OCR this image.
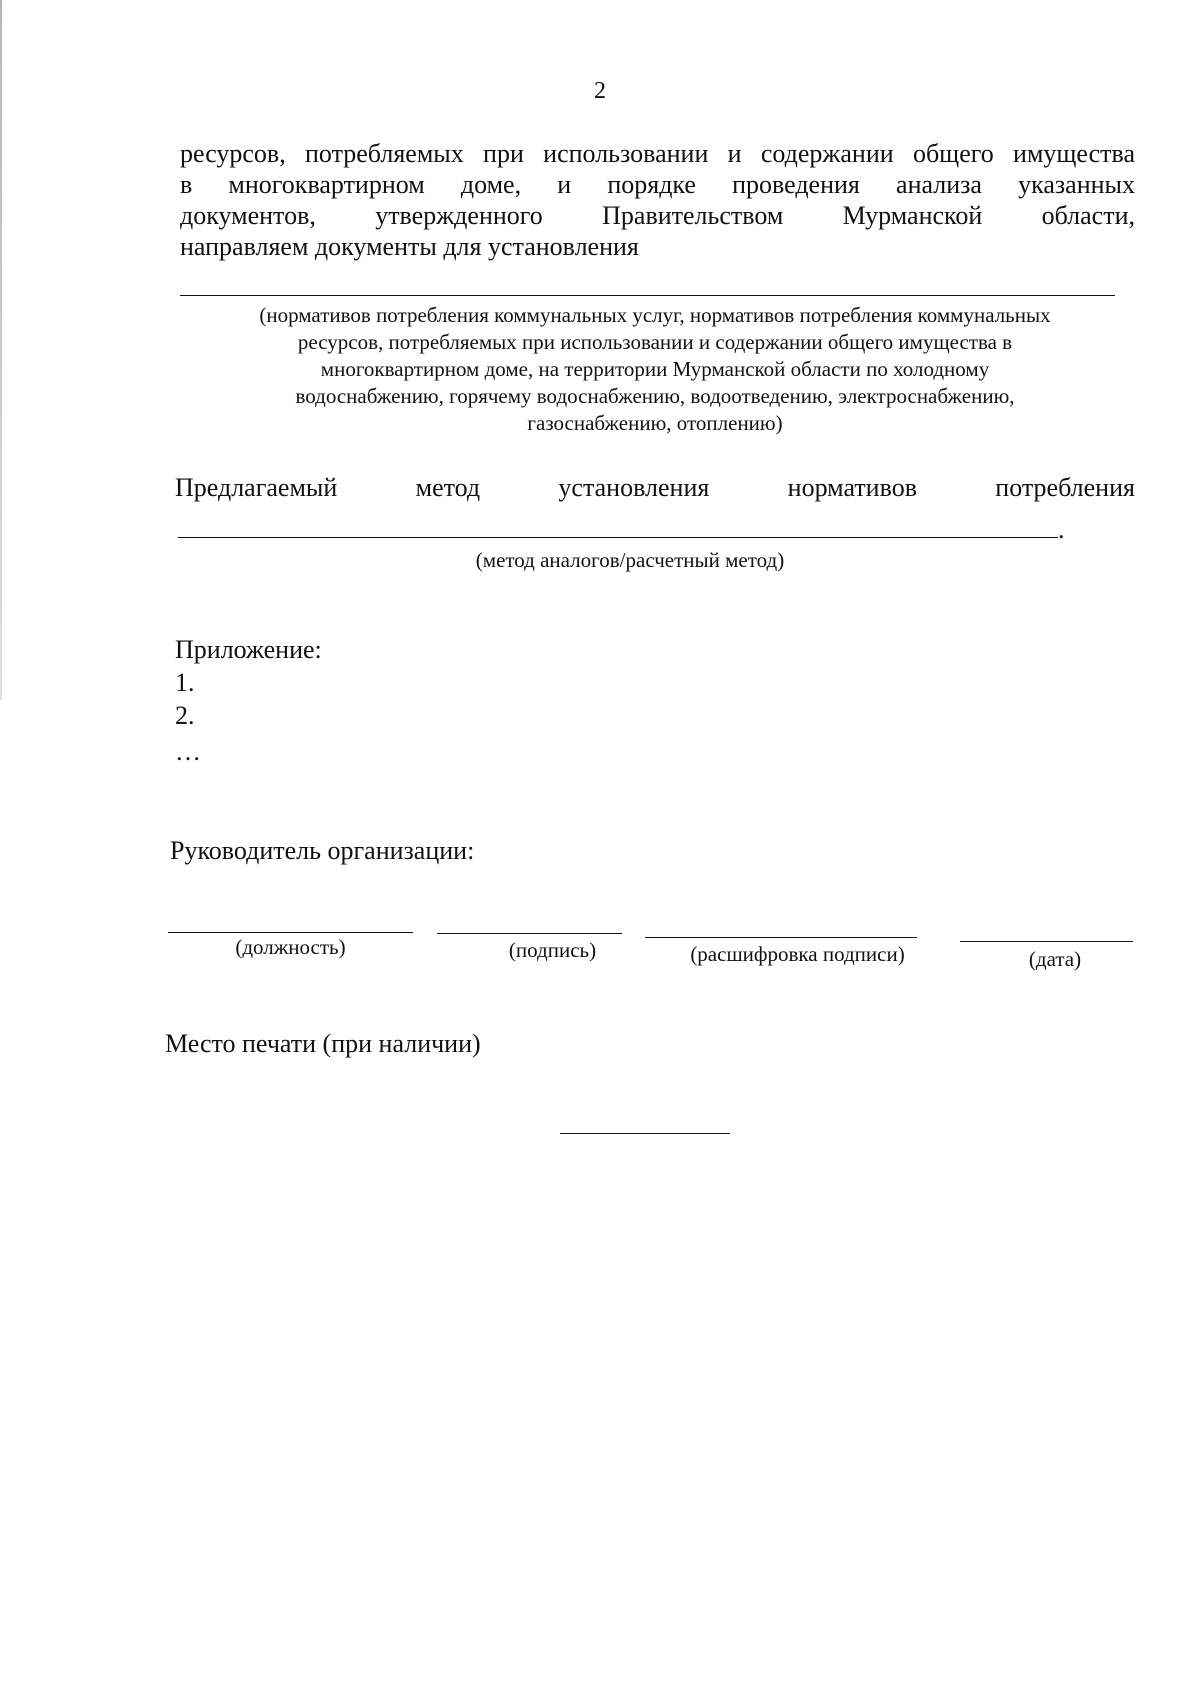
2
ресурсов, потребляемых при использовании и содержании общего имущества
в многоквартирном доме, и порядке проведения анализа указанных
документов, утвержденного Правительством Мурманской области,
направляем документы для установления
(нормативов потребления коммунальных услуг, нормативов потребления коммунальных
ресурсов, потребляемых при использовании и содержании общего имущества в
многоквартирном доме, на территории Мурманской области по холодному
водоснабжению, горячему водоснабжению, водоотведению, электроснабжению,
газоснабжению, отоплению)
Предлагаемый	метод	установления	нормативов	потребления
.
(метод аналогов/расчетный метод)
Приложение:
1.
2.
…
Руководитель организации:
(должность)	(подпись)	(расшифровка подписи)	(дата)
Место печати (при наличии)
